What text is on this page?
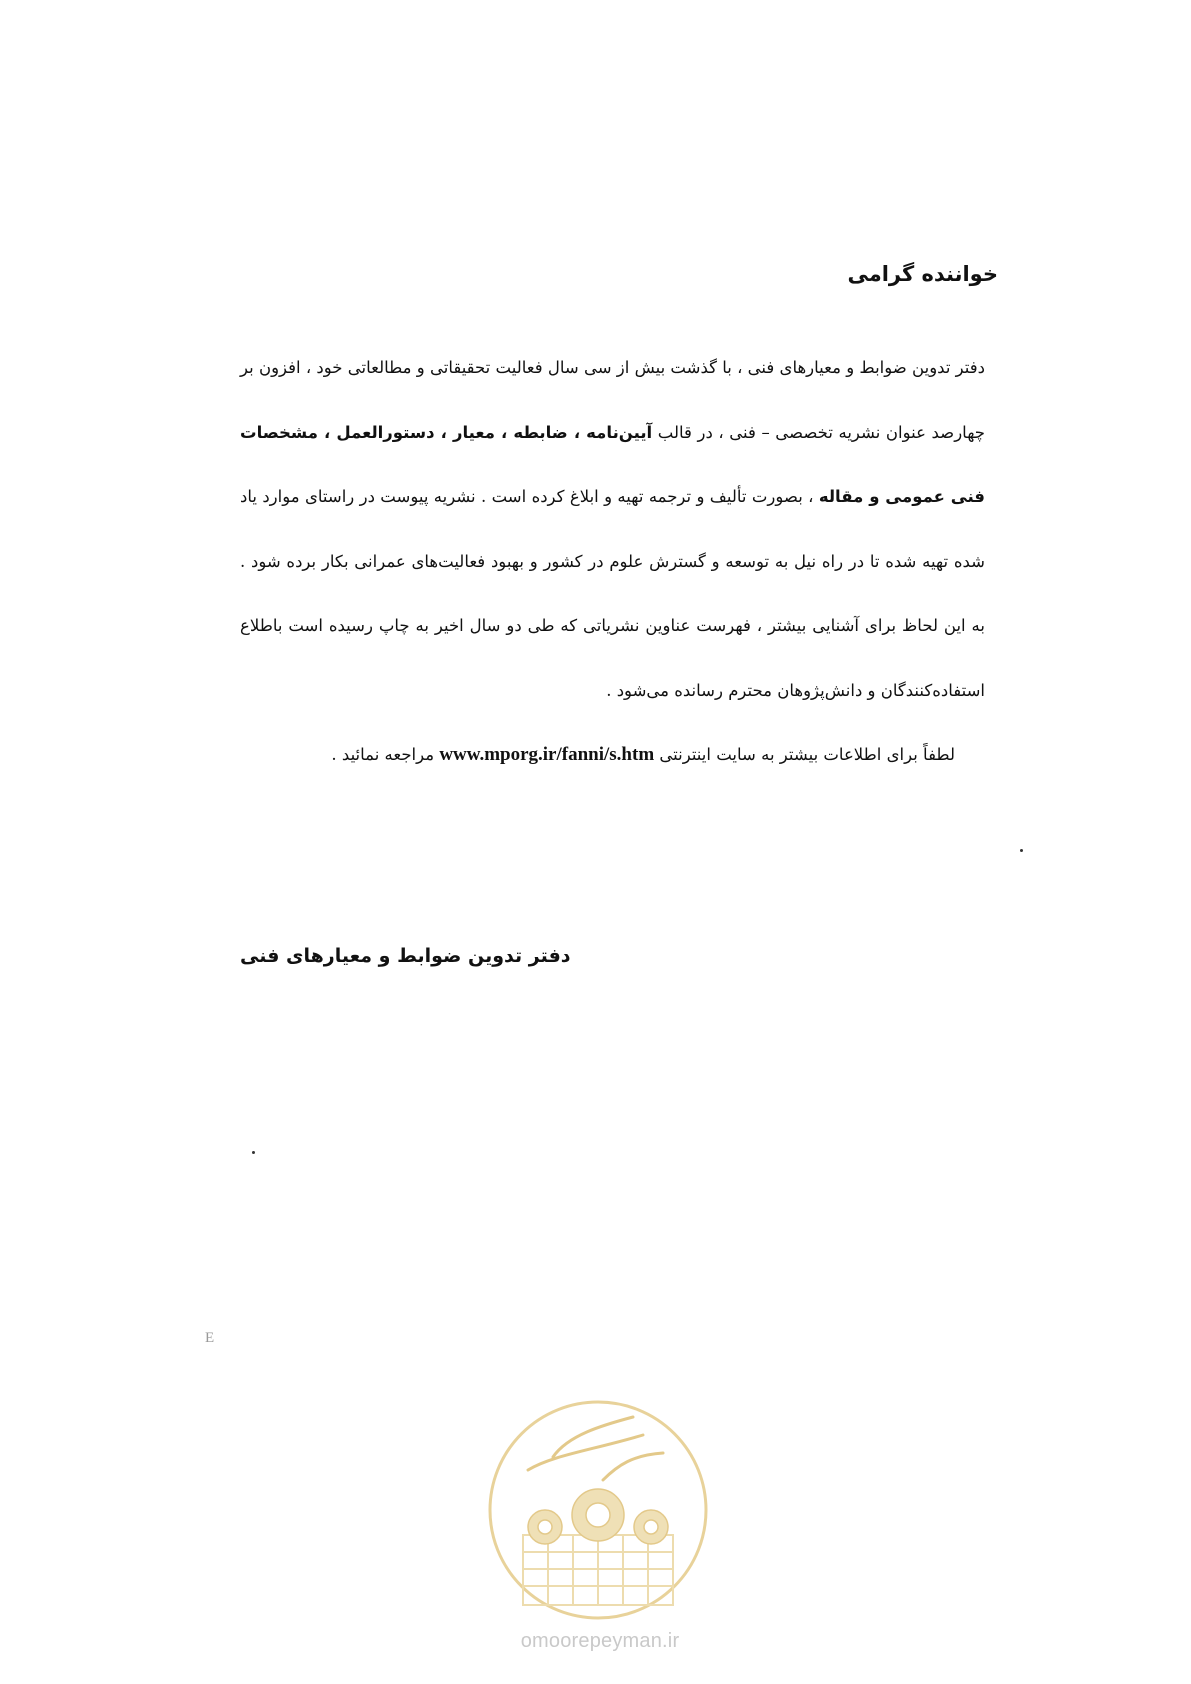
خواننده گرامی

دفتر تدوین ضوابط و معیارهای فنی ، با گذشت بیش از سی سال فعالیت تحقیقاتی و مطالعاتی خود ، افزون بر چهارصد عنوان نشریه تخصصی – فنی ، در قالب آیین‌نامه ، ضابطه ، معیار ، دستورالعمل ، مشخصات فنی عمومی و مقاله ، بصورت تألیف و ترجمه تهیه و ابلاغ کرده است . نشریه پیوست در راستای موارد یاد شده تهیه شده تا در راه نیل به توسعه و گسترش علوم در کشور و بهبود فعالیت‌های عمرانی بکار برده شود . به این لحاظ برای آشنایی بیشتر ، فهرست عناوین نشریاتی که طی دو سال اخیر به چاپ رسیده است باطلاع استفاده‌کنندگان و دانش‌پژوهان محترم رسانده می‌شود .

لطفاً برای اطلاعات بیشتر به سایت اینترنتی www.mporg.ir/fanni/s.htm مراجعه نمائید .

دفتر تدوین ضوابط و معیارهای فنی
E
omoorepeyman.ir
